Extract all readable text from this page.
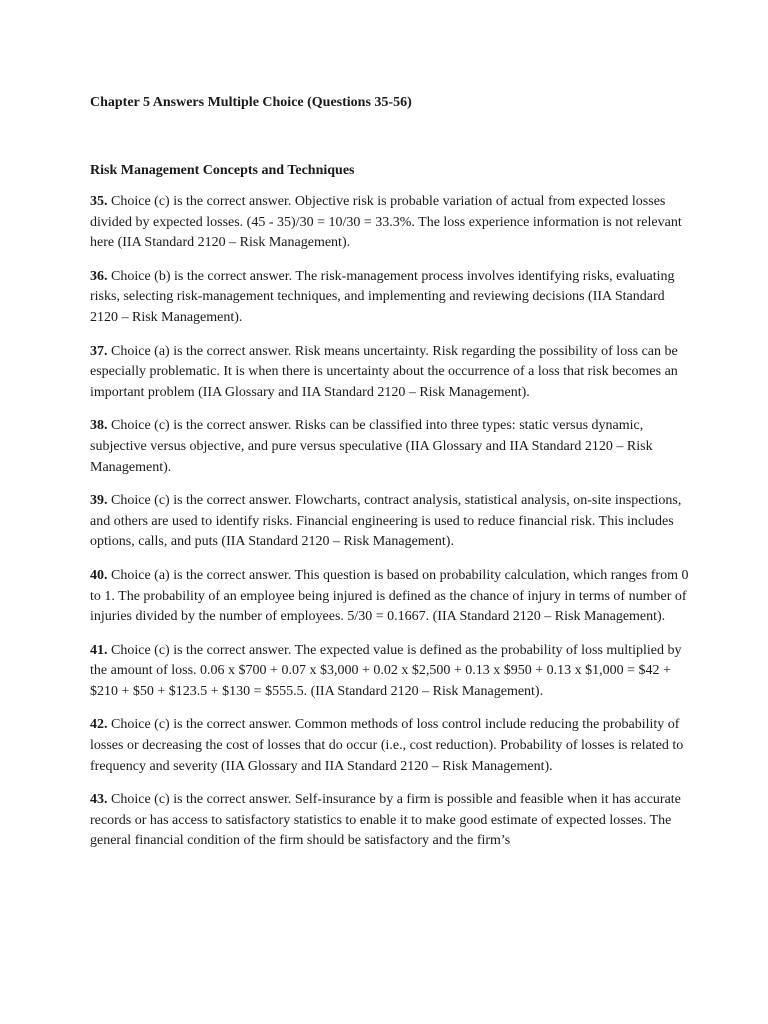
Chapter 5 Answers Multiple Choice (Questions 35-56)

Risk Management Concepts and Techniques

35. Choice (c) is the correct answer. Objective risk is probable variation of actual from expected losses divided by expected losses. (45 - 35)/30 = 10/30 = 33.3%. The loss experience information is not relevant here (IIA Standard 2120 – Risk Management).

36. Choice (b) is the correct answer. The risk-management process involves identifying risks, evaluating risks, selecting risk-management techniques, and implementing and reviewing decisions (IIA Standard 2120 – Risk Management).

37. Choice (a) is the correct answer. Risk means uncertainty. Risk regarding the possibility of loss can be especially problematic. It is when there is uncertainty about the occurrence of a loss that risk becomes an important problem (IIA Glossary and IIA Standard 2120 – Risk Management).

38. Choice (c) is the correct answer. Risks can be classified into three types: static versus dynamic, subjective versus objective, and pure versus speculative (IIA Glossary and IIA Standard 2120 – Risk Management).

39. Choice (c) is the correct answer. Flowcharts, contract analysis, statistical analysis, on-site inspections, and others are used to identify risks. Financial engineering is used to reduce financial risk. This includes options, calls, and puts (IIA Standard 2120 – Risk Management).

40. Choice (a) is the correct answer. This question is based on probability calculation, which ranges from 0 to 1. The probability of an employee being injured is defined as the chance of injury in terms of number of injuries divided by the number of employees. 5/30 = 0.1667. (IIA Standard 2120 – Risk Management).

41. Choice (c) is the correct answer. The expected value is defined as the probability of loss multiplied by the amount of loss. 0.06 x $700 + 0.07 x $3,000 + 0.02 x $2,500 + 0.13 x $950 + 0.13 x $1,000 = $42 + $210 + $50 + $123.5 + $130 = $555.5. (IIA Standard 2120 – Risk Management).

42. Choice (c) is the correct answer. Common methods of loss control include reducing the probability of losses or decreasing the cost of losses that do occur (i.e., cost reduction). Probability of losses is related to frequency and severity (IIA Glossary and IIA Standard 2120 – Risk Management).

43. Choice (c) is the correct answer. Self-insurance by a firm is possible and feasible when it has accurate records or has access to satisfactory statistics to enable it to make good estimate of expected losses. The general financial condition of the firm should be satisfactory and the firm’s
